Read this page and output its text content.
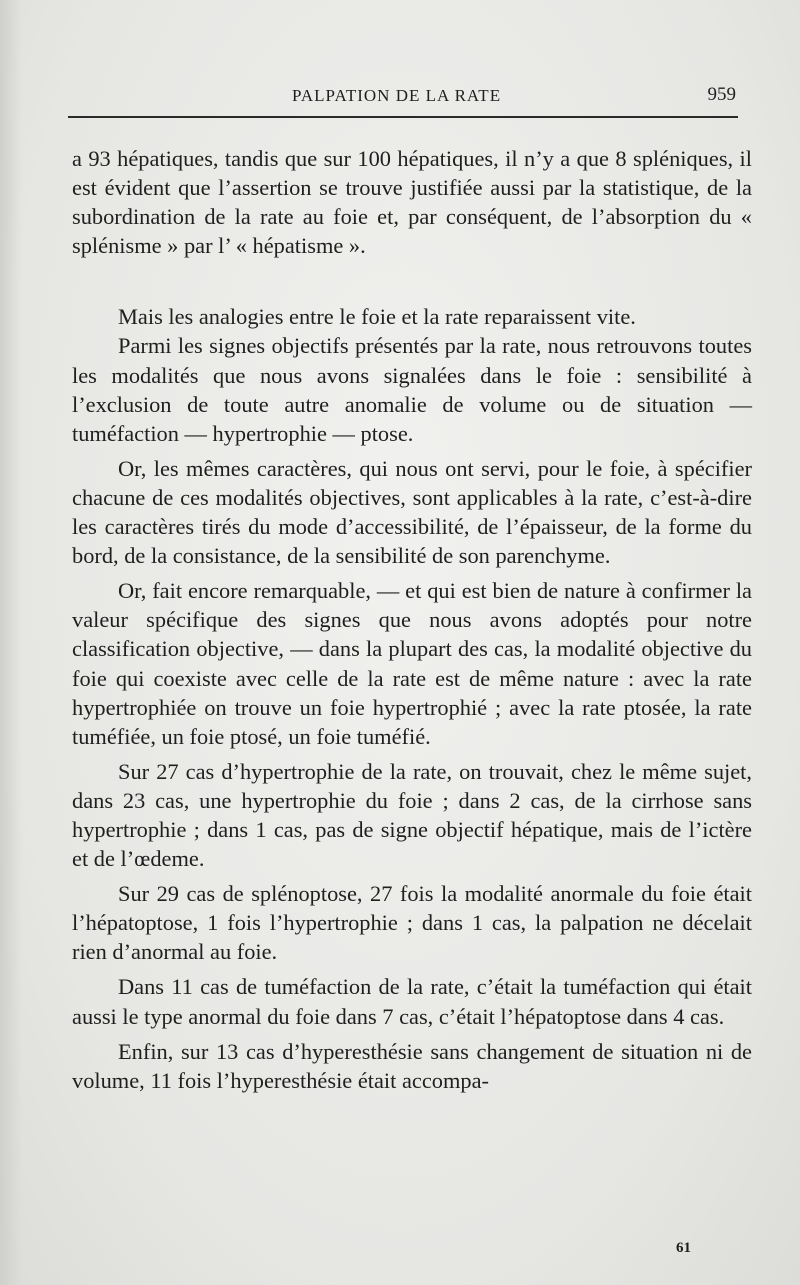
PALPATION DE LA RATE	959

a 93 hépatiques, tandis que sur 100 hépatiques, il n’y a que 8 spléniques, il est évident que l’assertion se trouve justifiée aussi par la statistique, de la subordination de la rate au foie et, par conséquent, de l’absorption du « splénisme » par l’ « hépatisme ».

Mais les analogies entre le foie et la rate reparaissent vite.

Parmi les signes objectifs présentés par la rate, nous retrouvons toutes les modalités que nous avons signalées dans le foie : sensibilité à l’exclusion de toute autre anomalie de volume ou de situation — tuméfaction — hypertrophie — ptose.

Or, les mêmes caractères, qui nous ont servi, pour le foie, à spécifier chacune de ces modalités objectives, sont applicables à la rate, c’est-à-dire les caractères tirés du mode d’accessibilité, de l’épaisseur, de la forme du bord, de la consistance, de la sensibilité de son parenchyme.

Or, fait encore remarquable, — et qui est bien de nature à confirmer la valeur spécifique des signes que nous avons adoptés pour notre classification objective, — dans la plupart des cas, la modalité objective du foie qui coexiste avec celle de la rate est de même nature : avec la rate hypertrophiée on trouve un foie hypertrophié ; avec la rate ptosée, la rate tuméfiée, un foie ptosé, un foie tuméfié.

Sur 27 cas d’hypertrophie de la rate, on trouvait, chez le même sujet, dans 23 cas, une hypertrophie du foie ; dans 2 cas, de la cirrhose sans hypertrophie ; dans 1 cas, pas de signe objectif hépatique, mais de l’ictère et de l’œdeme.

Sur 29 cas de splénoptose, 27 fois la modalité anormale du foie était l’hépatoptose, 1 fois l’hypertrophie ; dans 1 cas, la palpation ne décelait rien d’anormal au foie.

Dans 11 cas de tuméfaction de la rate, c’était la tuméfaction qui était aussi le type anormal du foie dans 7 cas, c’était l’hépatoptose dans 4 cas.

Enfin, sur 13 cas d’hyperesthésie sans changement de situation ni de volume, 11 fois l’hyperesthésie était accompa-

61
